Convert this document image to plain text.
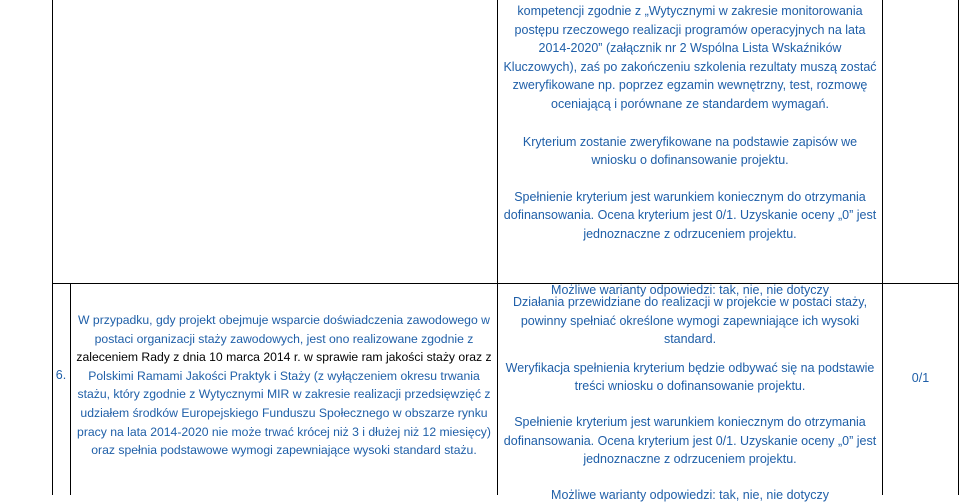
kompetencji zgodnie z „Wytycznymi w zakresie monitorowania

postępu rzeczowego realizacji programów operacyjnych na lata

2014-2020” (załącznik nr 2 Wspólna Lista Wskaźników

Kluczowych), zaś po zakończeniu szkolenia rezultaty muszą zostać

zweryfikowane np. poprzez egzamin wewnętrzny, test, rozmowę

oceniającą i porównane ze standardem wymagań.

Kryterium zostanie zweryfikowane na podstawie zapisów we

wniosku o dofinansowanie projektu.

Spełnienie kryterium jest warunkiem koniecznym do otrzymania

dofinansowania. Ocena kryterium jest 0/1. Uzyskanie oceny „0” jest

jednoznaczne z odrzuceniem projektu.

Możliwe warianty odpowiedzi: tak, nie, nie dotyczy

6.

W przypadku, gdy projekt obejmuje wsparcie doświadczenia zawodowego w

postaci organizacji staży zawodowych, jest ono realizowane zgodnie z

zaleceniem Rady z dnia 10 marca 2014 r. w sprawie ram jakości staży oraz z

Polskimi Ramami Jakości Praktyk i Staży (z wyłączeniem okresu trwania

stażu, który zgodnie z Wytycznymi MIR w zakresie realizacji przedsięwzięć z

udziałem środków Europejskiego Funduszu Społecznego w obszarze rynku

pracy na lata 2014-2020 nie może trwać krócej niż 3 i dłużej niż 12 miesięcy)

oraz spełnia podstawowe wymogi zapewniające wysoki standard stażu.

Działania przewidziane do realizacji w projekcie w postaci staży,

powinny spełniać określone wymogi zapewniające ich wysoki

standard.

Weryfikacja spełnienia kryterium będzie odbywać się na podstawie

treści wniosku o dofinansowanie projektu.

Spełnienie kryterium jest warunkiem koniecznym do otrzymania

dofinansowania. Ocena kryterium jest 0/1. Uzyskanie oceny „0” jest

jednoznaczne z odrzuceniem projektu.

Możliwe warianty odpowiedzi: tak, nie, nie dotyczy

0/1
